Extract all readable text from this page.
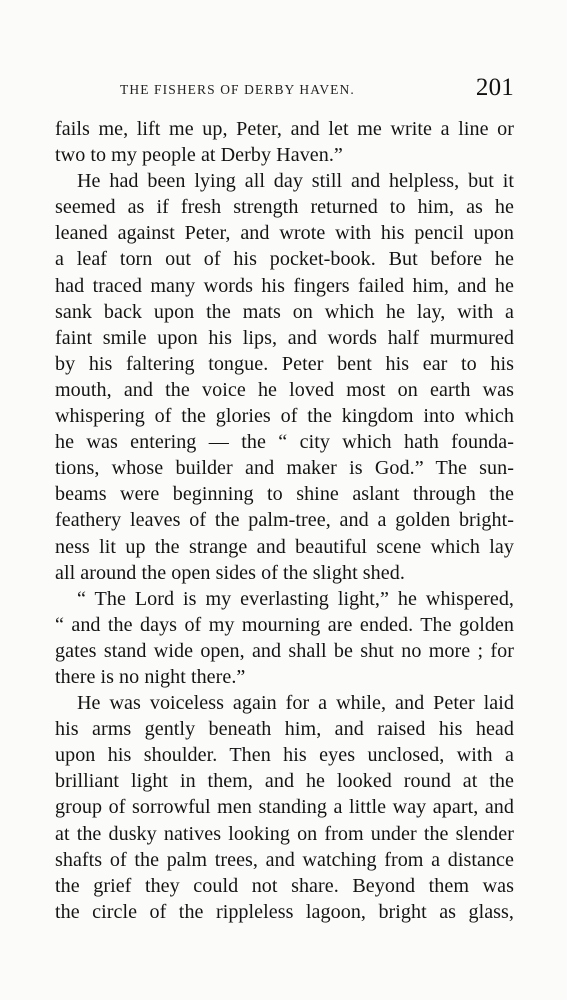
THE FISHERS OF DERBY HAVEN.	201
fails me, lift me up, Peter, and let me write a line or
two to my people at Derby Haven.”
He had been lying all day still and helpless, but it
seemed as if fresh strength returned to him, as he
leaned against Peter, and wrote with his pencil upon
a leaf torn out of his pocket-book. But before he
had traced many words his fingers failed him, and he
sank back upon the mats on which he lay, with a
faint smile upon his lips, and words half murmured
by his faltering tongue. Peter bent his ear to his
mouth, and the voice he loved most on earth was
whispering of the glories of the kingdom into which
he was entering — the “ city which hath founda-
tions, whose builder and maker is God.” The sun-
beams were beginning to shine aslant through the
feathery leaves of the palm-tree, and a golden bright-
ness lit up the strange and beautiful scene which lay
all around the open sides of the slight shed.
“ The Lord is my everlasting light,” he whispered,
“ and the days of my mourning are ended. The golden
gates stand wide open, and shall be shut no more ; for
there is no night there.”
He was voiceless again for a while, and Peter laid
his arms gently beneath him, and raised his head
upon his shoulder. Then his eyes unclosed, with a
brilliant light in them, and he looked round at the
group of sorrowful men standing a little way apart, and
at the dusky natives looking on from under the slender
shafts of the palm trees, and watching from a distance
the grief they could not share. Beyond them was
the circle of the rippleless lagoon, bright as glass,
